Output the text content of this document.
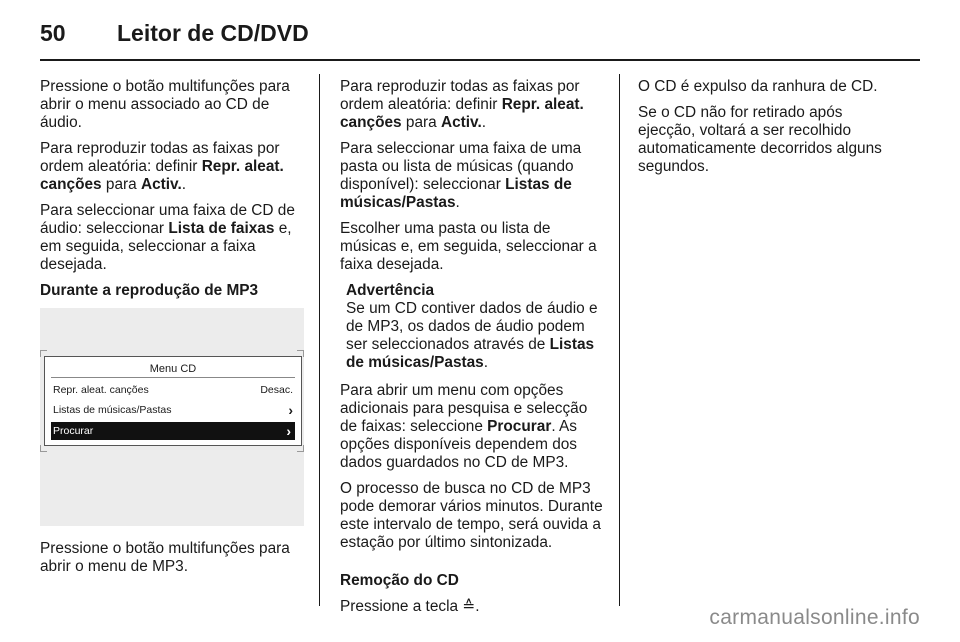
50 Leitor de CD/DVD

Pressione o botão multifunções para abrir o menu associado ao CD de áudio.

Para reproduzir todas as faixas por ordem aleatória: definir Repr. aleat. canções para Activ..

Para seleccionar uma faixa de CD de áudio: seleccionar Lista de faixas e, em seguida, seleccionar a faixa desejada.

Durante a reprodução de MP3

Menu CD
Repr. aleat. canções	Desac.
Listas de músicas/Pastas	›
Procurar	›

Pressione o botão multifunções para abrir o menu de MP3.

Para reproduzir todas as faixas por ordem aleatória: definir Repr. aleat. canções para Activ..

Para seleccionar uma faixa de uma pasta ou lista de músicas (quando disponível): seleccionar Listas de músicas/Pastas.

Escolher uma pasta ou lista de músicas e, em seguida, seleccionar a faixa desejada.

Advertência

Se um CD contiver dados de áudio e de MP3, os dados de áudio podem ser seleccionados através de Listas de músicas/Pastas.

Para abrir um menu com opções adicionais para pesquisa e selecção de faixas: seleccione Procurar. As opções disponíveis dependem dos dados guardados no CD de MP3.

O processo de busca no CD de MP3 pode demorar vários minutos. Durante este intervalo de tempo, será ouvida a estação por último sintonizada.

Remoção do CD

Pressione a tecla ≙.

O CD é expulso da ranhura de CD.

Se o CD não for retirado após ejecção, voltará a ser recolhido automaticamente decorridos alguns segundos.

carmanualsonline.info
